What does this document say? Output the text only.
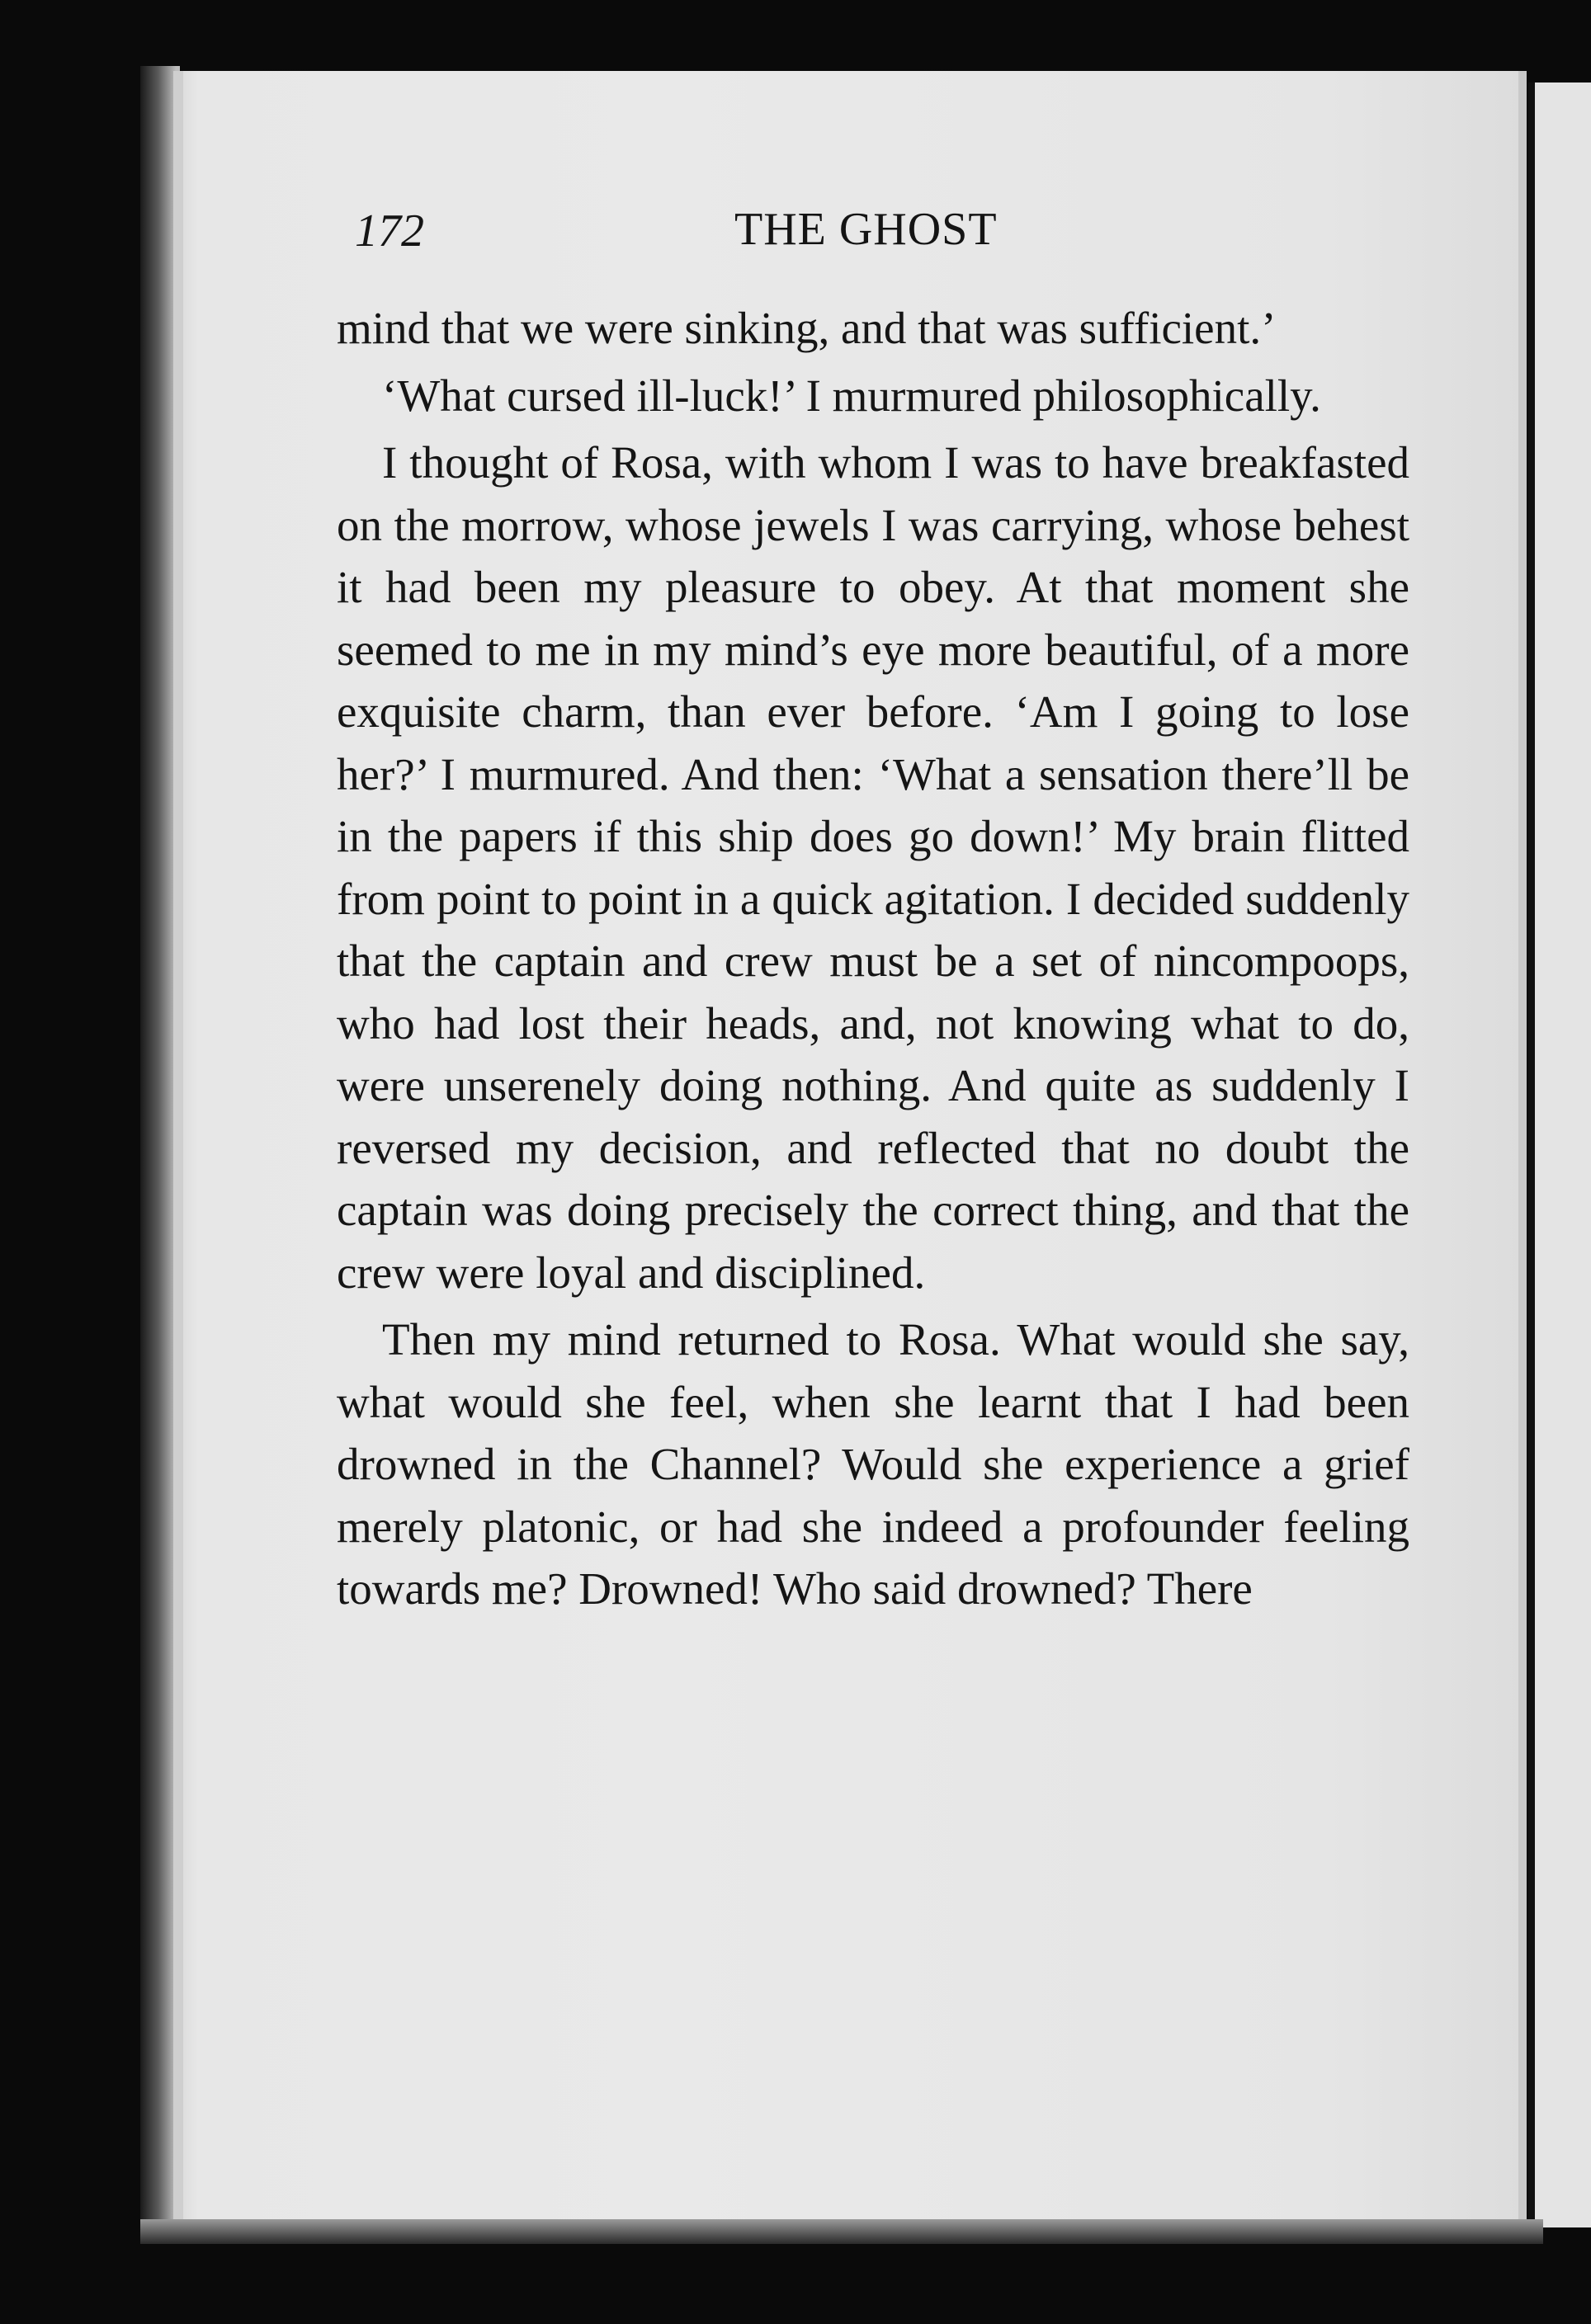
172	THE GHOST

mind that we were sinking, and that was sufficient.’

‘What cursed ill-luck!’ I murmured philosophically.

I thought of Rosa, with whom I was to have breakfasted on the morrow, whose jewels I was carrying, whose behest it had been my pleasure to obey. At that moment she seemed to me in my mind’s eye more beautiful, of a more exquisite charm, than ever before. ‘Am I going to lose her?’ I murmured. And then: ‘What a sensation there’ll be in the papers if this ship does go down!’ My brain flitted from point to point in a quick agitation. I decided suddenly that the captain and crew must be a set of nincompoops, who had lost their heads, and, not knowing what to do, were unserenely doing nothing. And quite as suddenly I reversed my decision, and reflected that no doubt the captain was doing precisely the correct thing, and that the crew were loyal and disciplined.

Then my mind returned to Rosa. What would she say, what would she feel, when she learnt that I had been drowned in the Channel? Would she experience a grief merely platonic, or had she indeed a profounder feeling towards me? Drowned! Who said drowned? There
